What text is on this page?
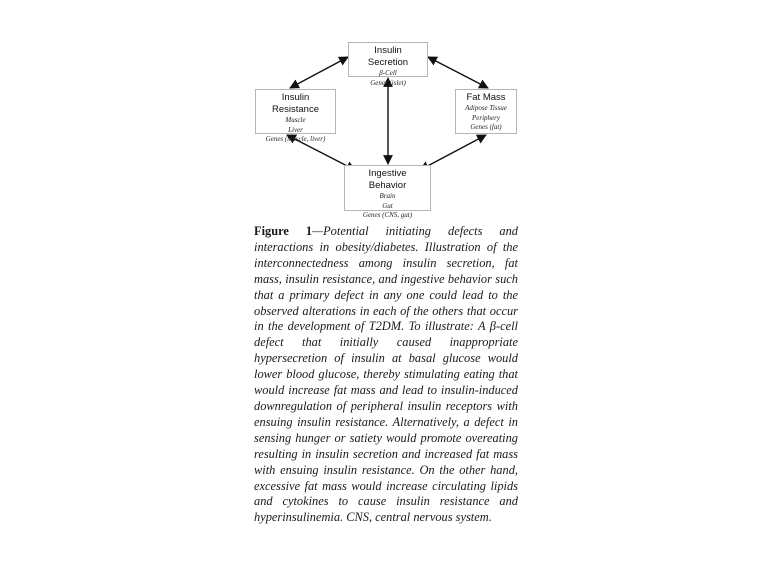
Insulin Secretion
β-Cell
Genes (islet)
Insulin Resistance
Muscle
Liver
Genes (muscle, liver)
Fat Mass
Adipose Tissue
Periphery
Genes (fat)
Ingestive Behavior
Brain
Gut
Genes (CNS, gut)

Figure 1—Potential initiating defects and interactions in obesity/diabetes. Illustration of the interconnectedness among insulin secretion, fat mass, insulin resistance, and ingestive behavior such that a primary defect in any one could lead to the observed alterations in each of the others that occur in the development of T2DM. To illustrate: A β-cell defect that initially caused inappropriate hypersecretion of insulin at basal glucose would lower blood glucose, thereby stimulating eating that would increase fat mass and lead to insulin-induced downregulation of peripheral insulin receptors with ensuing insulin resistance. Alternatively, a defect in sensing hunger or satiety would promote overeating resulting in insulin secretion and increased fat mass with ensuing insulin resistance. On the other hand, excessive fat mass would increase circulating lipids and cytokines to cause insulin resistance and hyperinsulinemia. CNS, central nervous system.
